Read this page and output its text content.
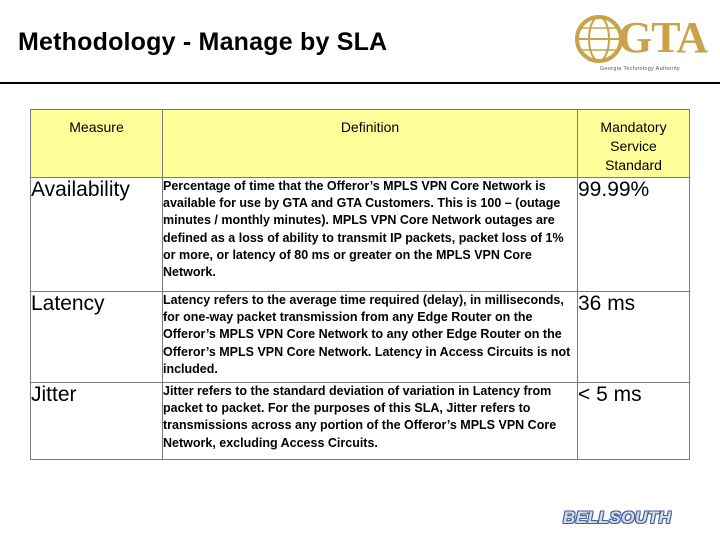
Methodology - Manage by SLA	GTA
Georgia Technology Authority
Measure	Definition	Mandatory Service Standard
Availability	Percentage of time that the Offeror’s MPLS VPN Core Network is available for use by GTA and GTA Customers. This is 100 – (outage minutes / monthly minutes). MPLS VPN Core Network outages are defined as a loss of ability to transmit IP packets, packet loss of 1% or more, or latency of 80 ms or greater on the MPLS VPN Core Network.	99.99%
Latency	Latency refers to the average time required (delay), in milliseconds, for one-way packet transmission from any Edge Router on the Offeror’s MPLS VPN Core Network to any other Edge Router on the Offeror’s MPLS VPN Core Network. Latency in Access Circuits is not included.	36 ms
Jitter	Jitter refers to the standard deviation of variation in Latency from packet to packet. For the purposes of this SLA, Jitter refers to transmissions across any portion of the Offeror’s MPLS VPN Core Network, excluding Access Circuits.	< 5 ms
BELLSOUTH
